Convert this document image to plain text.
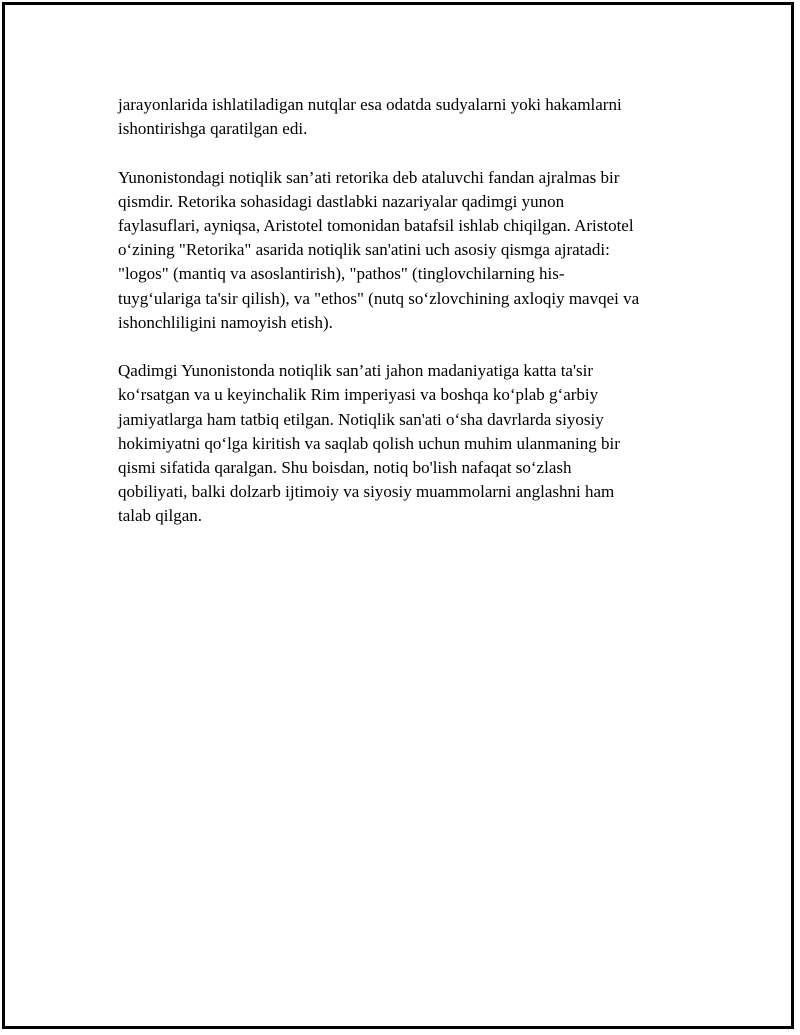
jarayonlarida ishlatiladigan nutqlar esa odatda sudyalarni yoki hakamlarni
ishontirishga qaratilgan edi.

Yunonistondagi notiqlik san’ati retorika deb ataluvchi fandan ajralmas bir
qismdir. Retorika sohasidagi dastlabki nazariyalar qadimgi yunon
faylasuflari, ayniqsa, Aristotel tomonidan batafsil ishlab chiqilgan. Aristotel
o‘zining "Retorika" asarida notiqlik san'atini uch asosiy qismga ajratadi:
"logos" (mantiq va asoslantirish), "pathos" (tinglovchilarning his-
tuyg‘ulariga ta'sir qilish), va "ethos" (nutq so‘zlovchining axloqiy mavqei va
ishonchliligini namoyish etish).

Qadimgi Yunonistonda notiqlik san’ati jahon madaniyatiga katta ta'sir
ko‘rsatgan va u keyinchalik Rim imperiyasi va boshqa ko‘plab g‘arbiy
jamiyatlarga ham tatbiq etilgan. Notiqlik san'ati o‘sha davrlarda siyosiy
hokimiyatni qo‘lga kiritish va saqlab qolish uchun muhim ulanmaning bir
qismi sifatida qaralgan. Shu boisdan, notiq bo'lish nafaqat so‘zlash
qobiliyati, balki dolzarb ijtimoiy va siyosiy muammolarni anglashni ham
talab qilgan.
